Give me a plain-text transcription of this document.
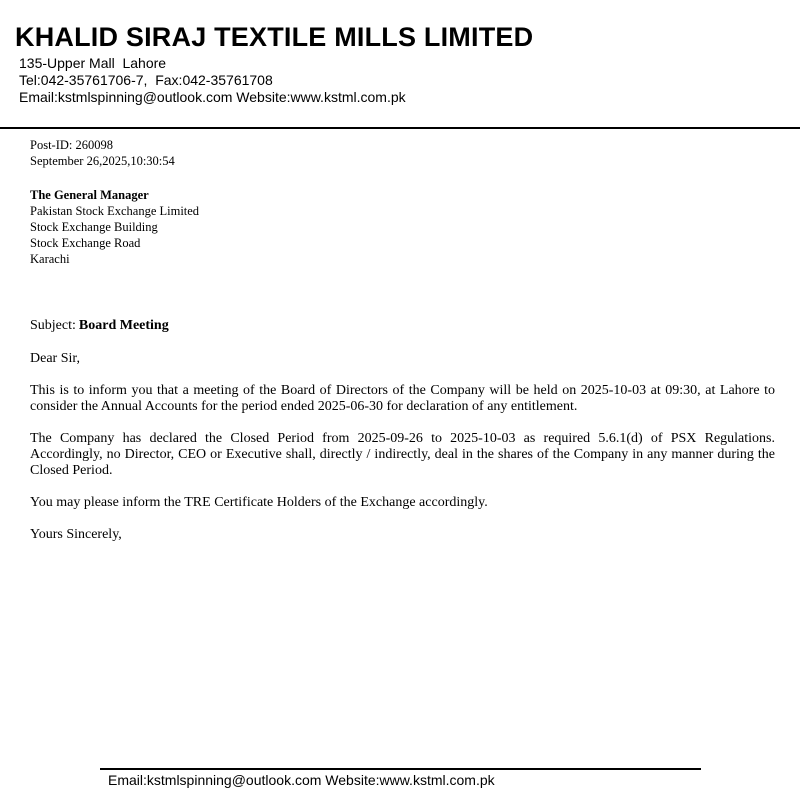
KHALID SIRAJ TEXTILE MILLS LIMITED
135-Upper Mall  Lahore
Tel:042-35761706-7,  Fax:042-35761708
Email:kstmlspinning@outlook.com Website:www.kstml.com.pk
Post-ID: 260098
September 26,2025,10:30:54
The General Manager
Pakistan Stock Exchange Limited
Stock Exchange Building
Stock Exchange Road
Karachi
Subject: Board Meeting
Dear Sir,
This is to inform you that a meeting of the Board of Directors of the Company will be held on 2025-10-03 at 09:30, at Lahore to consider the Annual Accounts for the period ended 2025-06-30 for declaration of any entitlement.
The Company has declared the Closed Period from 2025-09-26 to 2025-10-03 as required 5.6.1(d) of PSX Regulations. Accordingly, no Director, CEO or Executive shall, directly / indirectly, deal in the shares of the Company in any manner during the Closed Period.
You may please inform the TRE Certificate Holders of the Exchange accordingly.
Yours Sincerely,
Email:kstmlspinning@outlook.com Website:www.kstml.com.pk
